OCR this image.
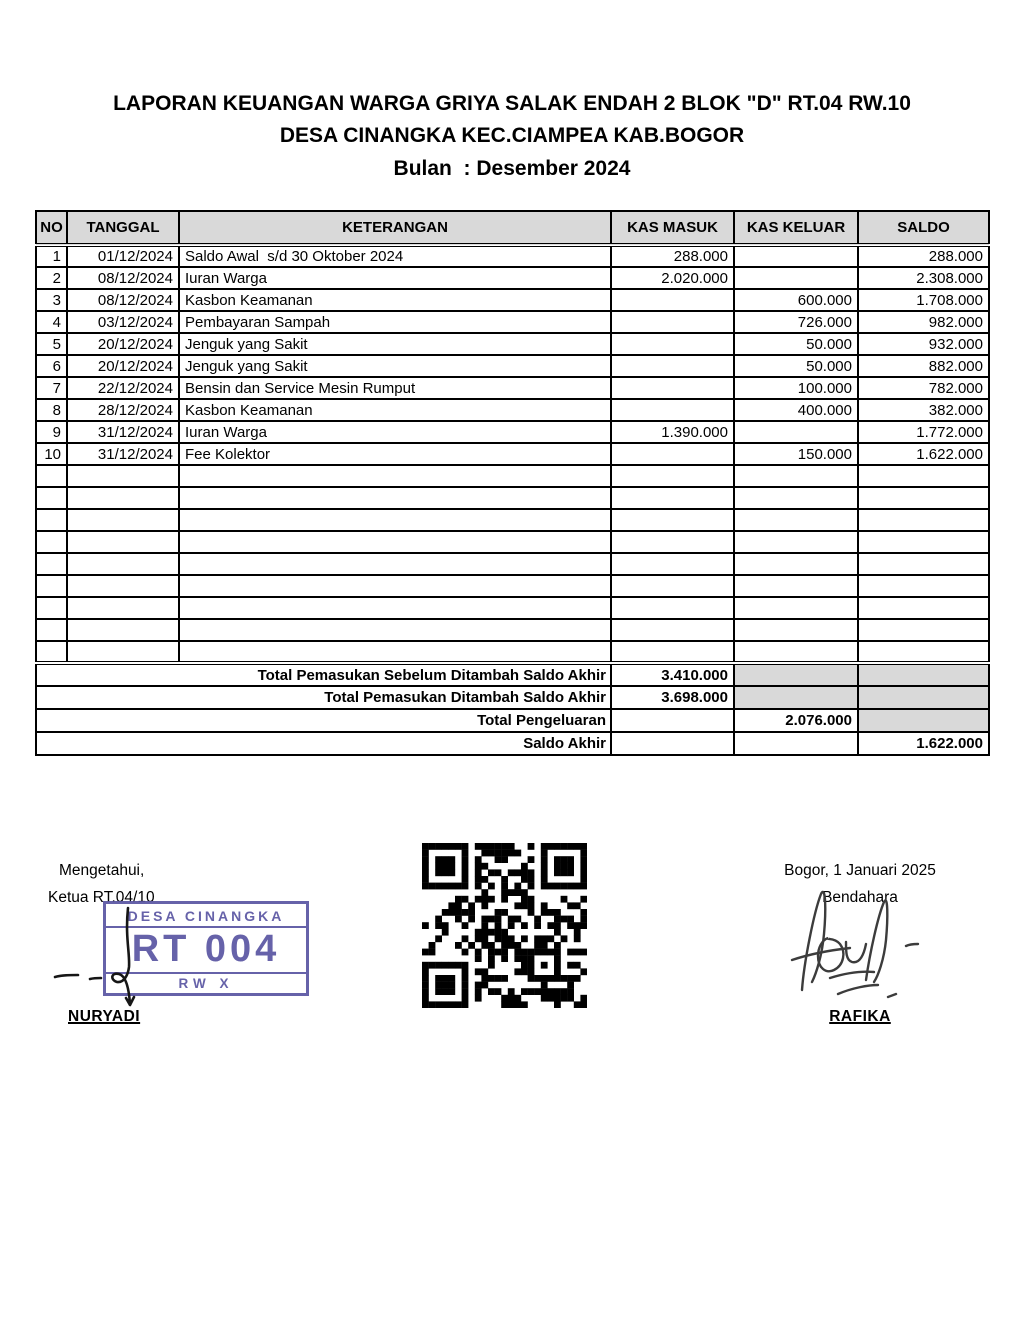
LAPORAN KEUANGAN WARGA GRIYA SALAK ENDAH 2 BLOK "D" RT.04 RW.10
DESA CINANGKA KEC.CIAMPEA KAB.BOGOR
Bulan  : Desember 2024
NO	TANGGAL	KETERANGAN	KAS MASUK	KAS KELUAR	SALDO
1	01/12/2024	Saldo Awal  s/d 30 Oktober 2024	288.000		288.000
2	08/12/2024	Iuran Warga	2.020.000		2.308.000
3	08/12/2024	Kasbon Keamanan		600.000	1.708.000
4	03/12/2024	Pembayaran Sampah		726.000	982.000
5	20/12/2024	Jenguk yang Sakit		50.000	932.000
6	20/12/2024	Jenguk yang Sakit		50.000	882.000
7	22/12/2024	Bensin dan Service Mesin Rumput		100.000	782.000
8	28/12/2024	Kasbon Keamanan		400.000	382.000
9	31/12/2024	Iuran Warga	1.390.000		1.772.000
10	31/12/2024	Fee Kolektor		150.000	1.622.000

Total Pemasukan Sebelum Ditambah Saldo Akhir			3.410.000		
Total Pemasukan Ditambah Saldo Akhir			3.698.000		
Total Pengeluaran				2.076.000	
Saldo Akhir					1.622.000
Mengetahui,
Ketua RT.04/10
DESA CINANGKA
RT 004
RW X
Bogor, 1 Januari 2025
Bendahara
NURYADI	RAFIKA
